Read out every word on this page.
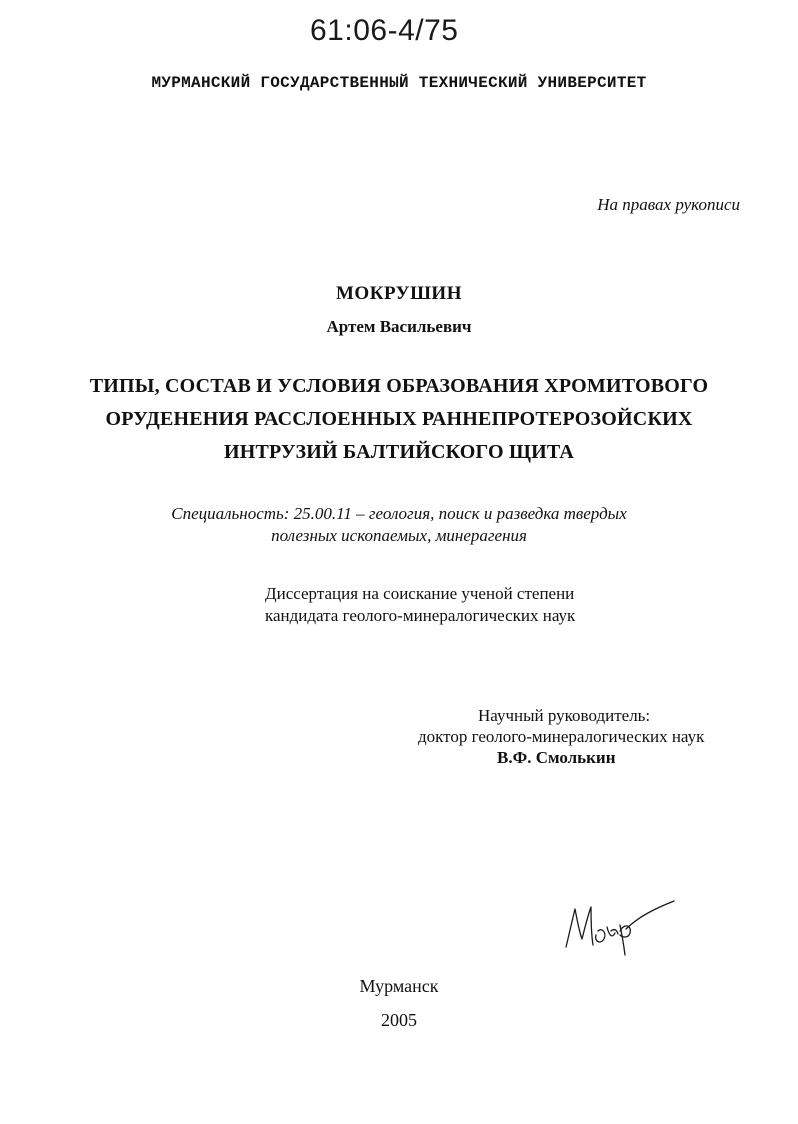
61:06-4/75
МУРМАНСКИЙ ГОСУДАРСТВЕННЫЙ ТЕХНИЧЕСКИЙ УНИВЕРСИТЕТ
На правах рукописи
МОКРУШИН
Артем Васильевич
ТИПЫ, СОСТАВ И УСЛОВИЯ ОБРАЗОВАНИЯ ХРОМИТОВОГО
ОРУДЕНЕНИЯ РАССЛОЕННЫХ РАННЕПРОТЕРОЗОЙСКИХ
ИНТРУЗИЙ БАЛТИЙСКОГО ЩИТА
Специальность: 25.00.11 – геология, поиск и разведка твердых
полезных ископаемых, минерагения
Диссертация на соискание ученой степени
кандидата геолого-минералогических наук
Научный руководитель:
доктор геолого-минералогических наук
В.Ф. Смолькин
Мурманск
2005
